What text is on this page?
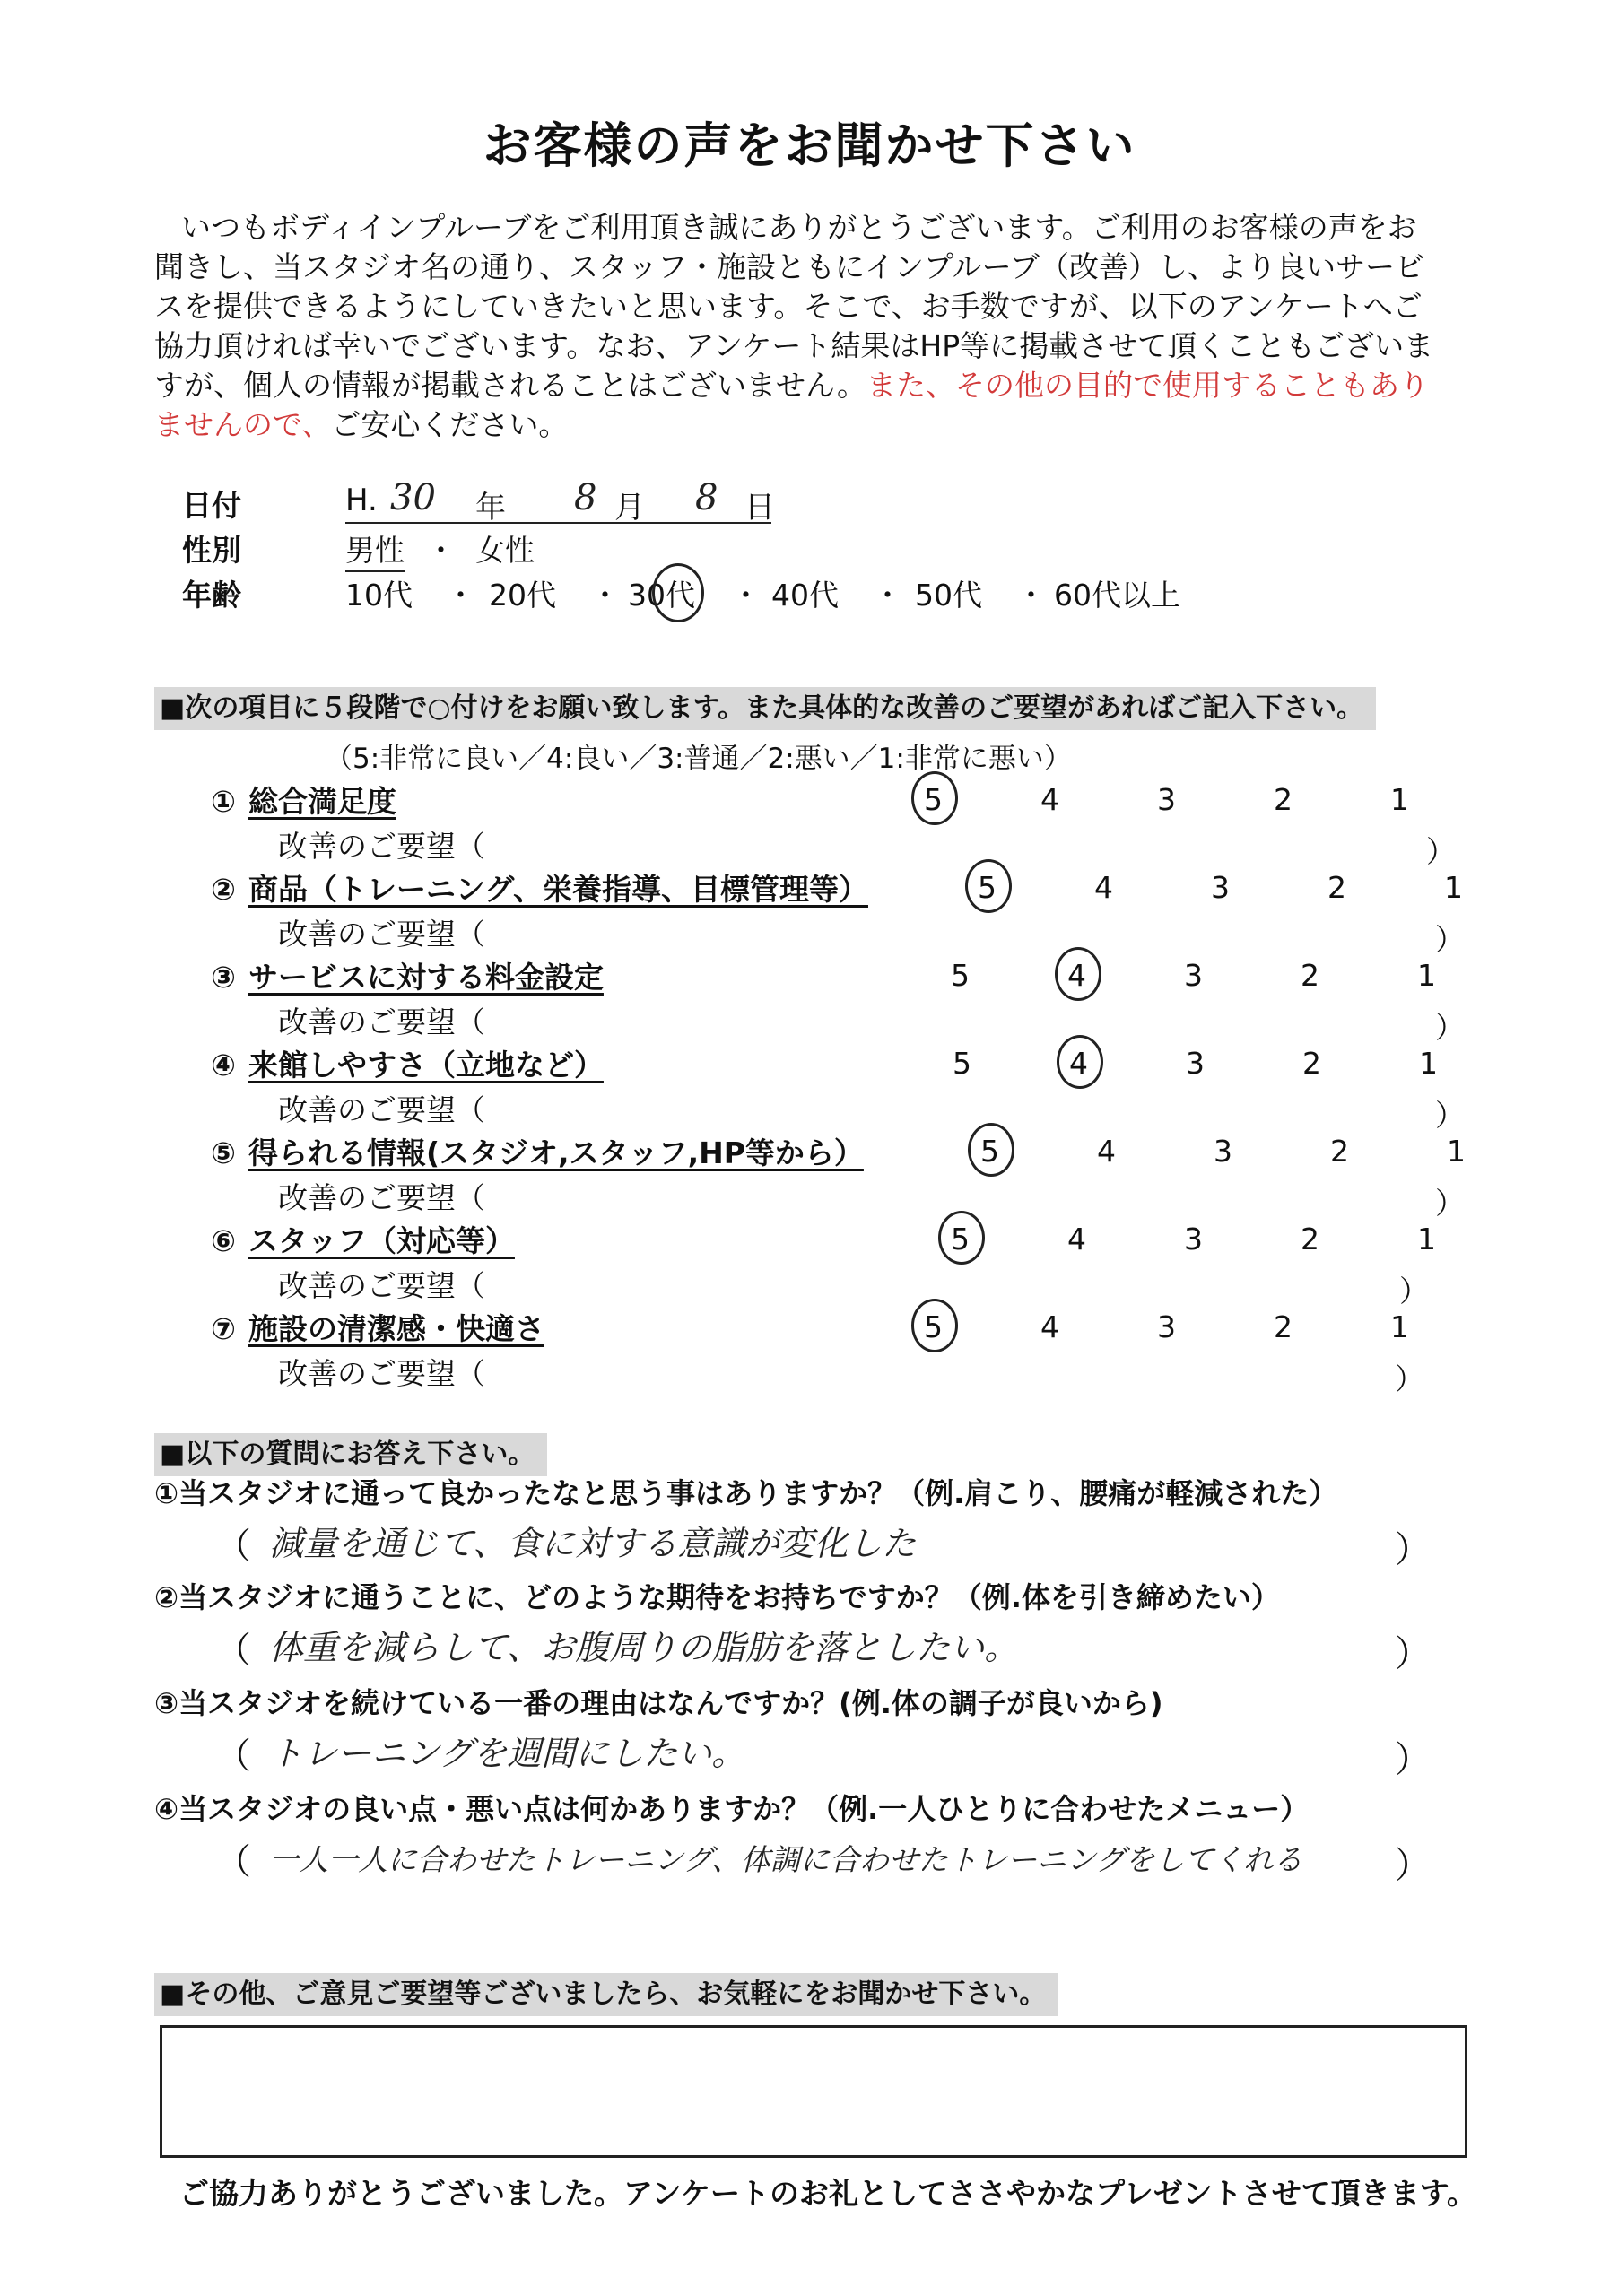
お客様の声をお聞かせ下さい

いつもボディインプルーブをご利用頂き誠にありがとうございます。ご利用のお客様の声をお

聞きし、当スタジオ名の通り、スタッフ・施設ともにインプルーブ（改善）し、より良いサービ

スを提供できるようにしていきたいと思います。そこで、お手数ですが、以下のアンケートへご

協力頂ければ幸いでございます。なお、アンケート結果はHP等に掲載させて頂くこともございま

すが、個人の情報が掲載されることはございません。また、その他の目的で使用することもあり

ませんので、ご安心ください。

日付	H. 30 年 8 月 8 日
性別	男性 ・ 女性
年齢	10代 ・ 20代 ・ 30代 ・ 40代 ・ 50代 ・ 60代以上
■次の項目に５段階で○付けをお願い致します。また具体的な改善のご要望があればご記入下さい。
（5:非常に良い／4:良い／3:普通／2:悪い／1:非常に悪い）
① 総合満足度	5	4	3	2	1
改善のご要望（	）
② 商品（トレーニング、栄養指導、目標管理等）	5	4	3	2	1
改善のご要望（	）
③ サービスに対する料金設定	5	4	3	2	1
改善のご要望（	）
④ 来館しやすさ（立地など）	5	4	3	2	1
改善のご要望（	）
⑤ 得られる情報(スタジオ,スタッフ,HP等から）	5	4	3	2	1
改善のご要望（	）
⑥ スタッフ（対応等）	5	4	3	2	1
改善のご要望（	）
⑦ 施設の清潔感・快適さ	5	4	3	2	1
改善のご要望（	）
■以下の質問にお答え下さい。
①当スタジオに通って良かったなと思う事はありますか？（例.肩こり、腰痛が軽減された）
（ 減量を通じて、食に対する意識が変化した	）
②当スタジオに通うことに、どのような期待をお持ちですか？（例.体を引き締めたい）
（ 体重を減らして、お腹周りの脂肪を落としたい。	）
③当スタジオを続けている一番の理由はなんですか？(例.体の調子が良いから)
（ トレーニングを週間にしたい。	）
④当スタジオの良い点・悪い点は何かありますか？（例.一人ひとりに合わせたメニュー）
（ 一人一人に合わせたトレーニング、体調に合わせたトレーニングをしてくれる	）
■その他、ご意見ご要望等ございましたら、お気軽にをお聞かせ下さい。
ご協力ありがとうございました。アンケートのお礼としてささやかなプレゼントさせて頂きます。
